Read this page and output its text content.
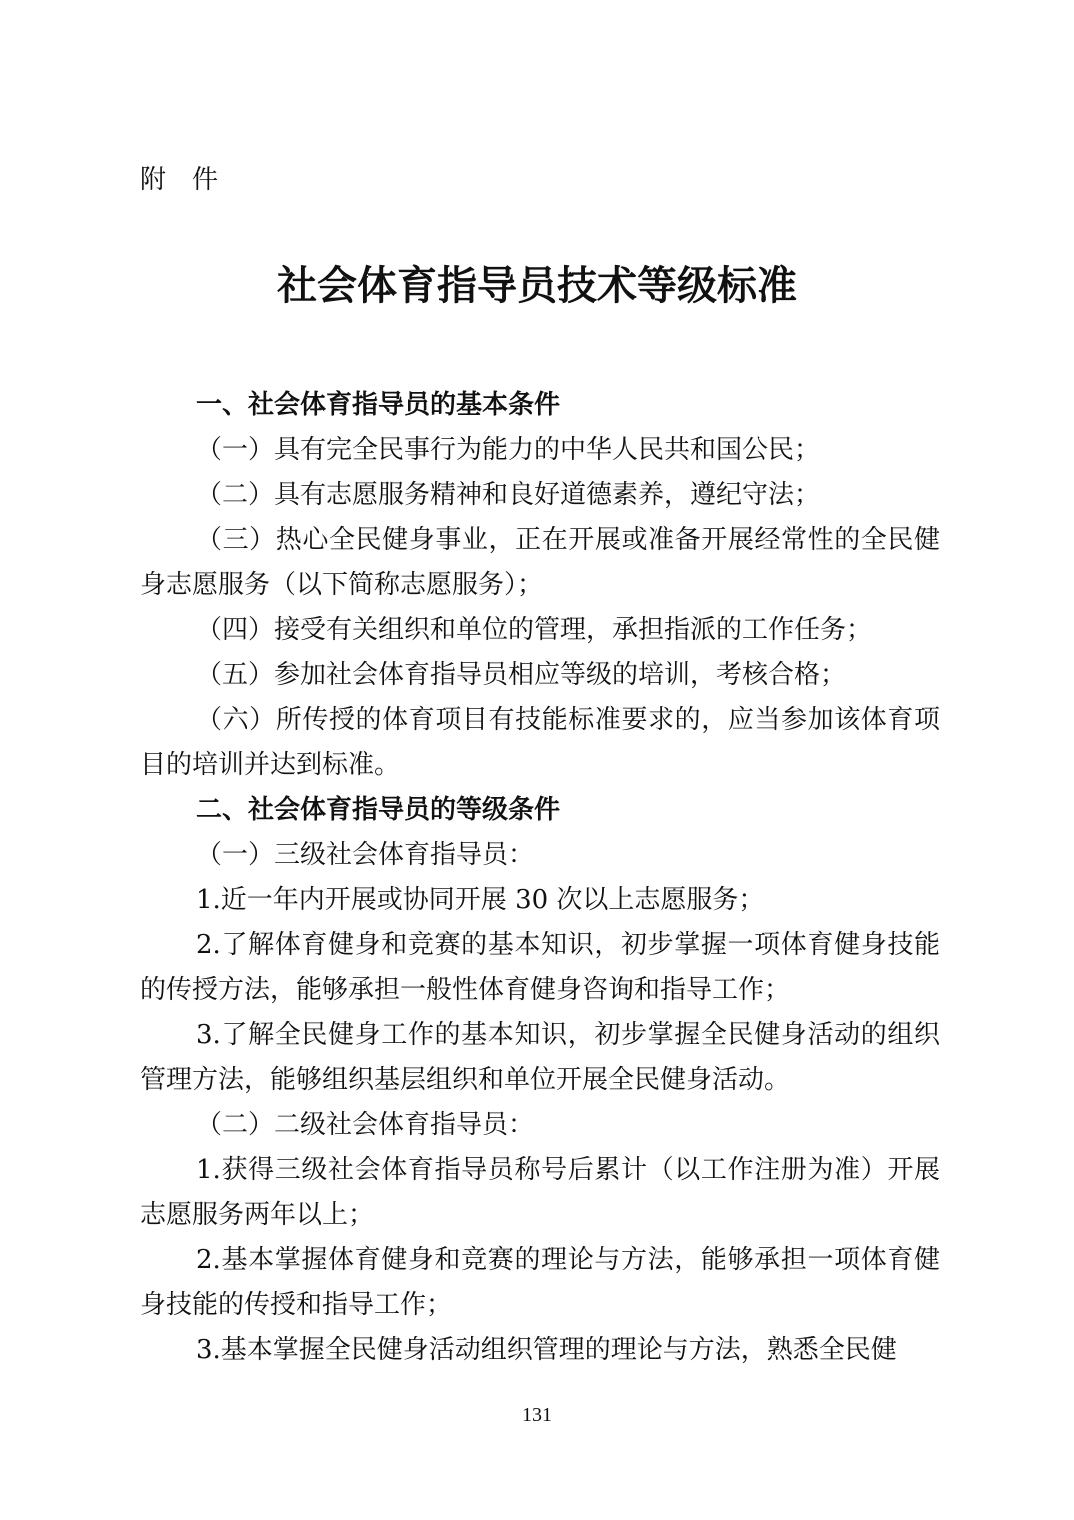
附件
社会体育指导员技术等级标准

一、社会体育指导员的基本条件

（一）具有完全民事行为能力的中华人民共和国公民；

（二）具有志愿服务精神和良好道德素养，遵纪守法；

（三）热心全民健身事业，正在开展或准备开展经常性的全民健身志愿服务（以下简称志愿服务）；

（四）接受有关组织和单位的管理，承担指派的工作任务；

（五）参加社会体育指导员相应等级的培训，考核合格；

（六）所传授的体育项目有技能标准要求的，应当参加该体育项目的培训并达到标准。

二、社会体育指导员的等级条件

（一）三级社会体育指导员：

1.近一年内开展或协同开展 30 次以上志愿服务；

2.了解体育健身和竞赛的基本知识，初步掌握一项体育健身技能的传授方法，能够承担一般性体育健身咨询和指导工作；

3.了解全民健身工作的基本知识，初步掌握全民健身活动的组织管理方法，能够组织基层组织和单位开展全民健身活动。

（二）二级社会体育指导员：

1.获得三级社会体育指导员称号后累计（以工作注册为准）开展志愿服务两年以上；

2.基本掌握体育健身和竞赛的理论与方法，能够承担一项体育健身技能的传授和指导工作；

3.基本掌握全民健身活动组织管理的理论与方法，熟悉全民健

131
